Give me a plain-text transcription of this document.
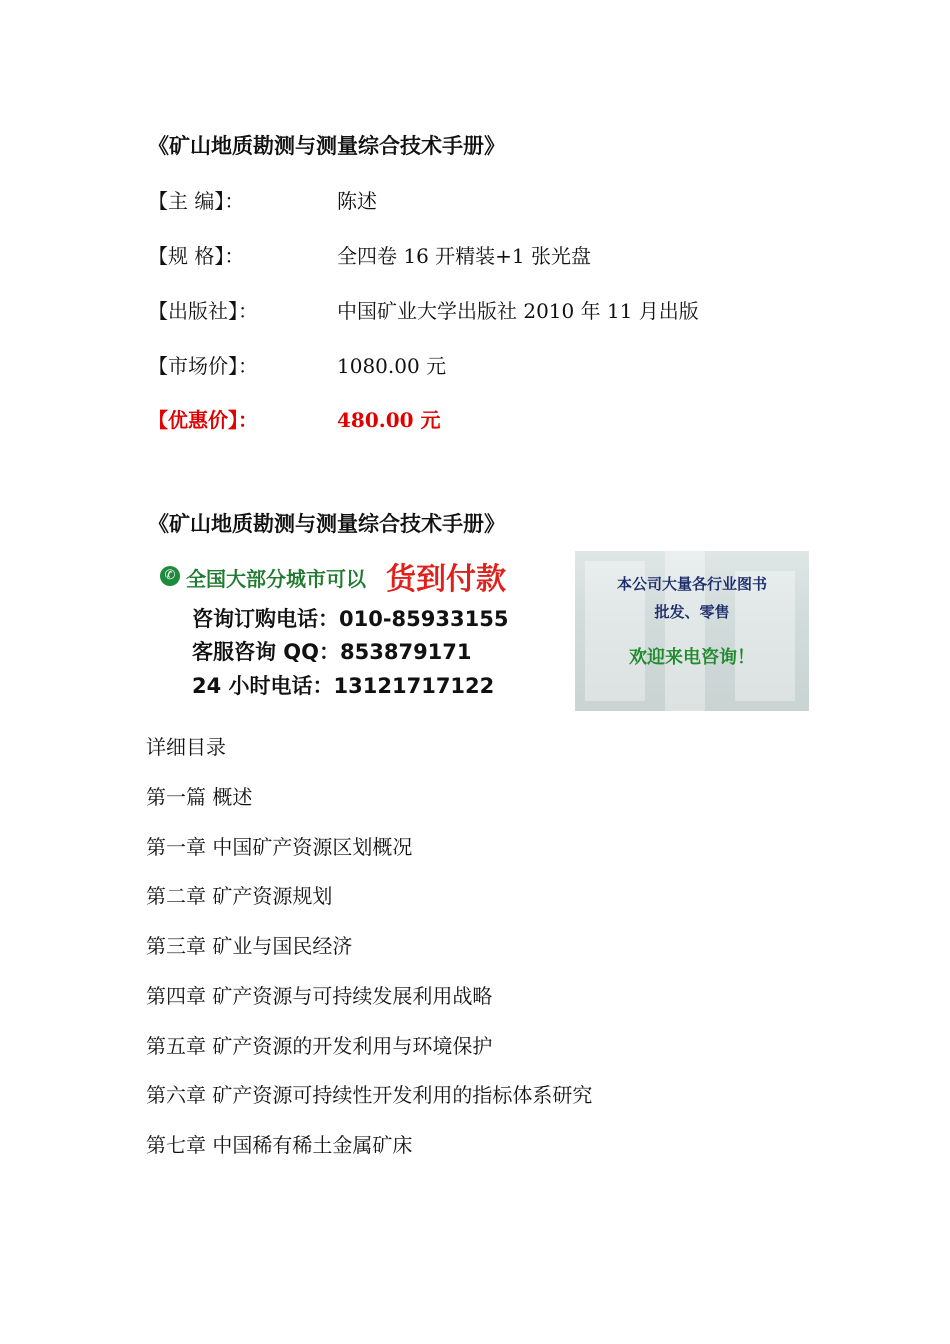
《矿山地质勘测与测量综合技术手册》
【主 编】：	陈述
【规 格】：	全四卷 16 开精装+1 张光盘
【出版社】：	中国矿业大学出版社 2010 年 11 月出版
【市场价】：	1080.00 元
【优惠价】：	480.00 元
《矿山地质勘测与测量综合技术手册》
✆ 全国大部分城市可以 货到付款
咨询订购电话：010-85933155
客服咨询 QQ：853879171
24 小时电话：13121717122
本公司大量各行业图书
批发、零售
欢迎来电咨询！
详细目录
第一篇 概述
第一章 中国矿产资源区划概况
第二章 矿产资源规划
第三章 矿业与国民经济
第四章 矿产资源与可持续发展利用战略
第五章 矿产资源的开发利用与环境保护
第六章 矿产资源可持续性开发利用的指标体系研究
第七章 中国稀有稀土金属矿床
